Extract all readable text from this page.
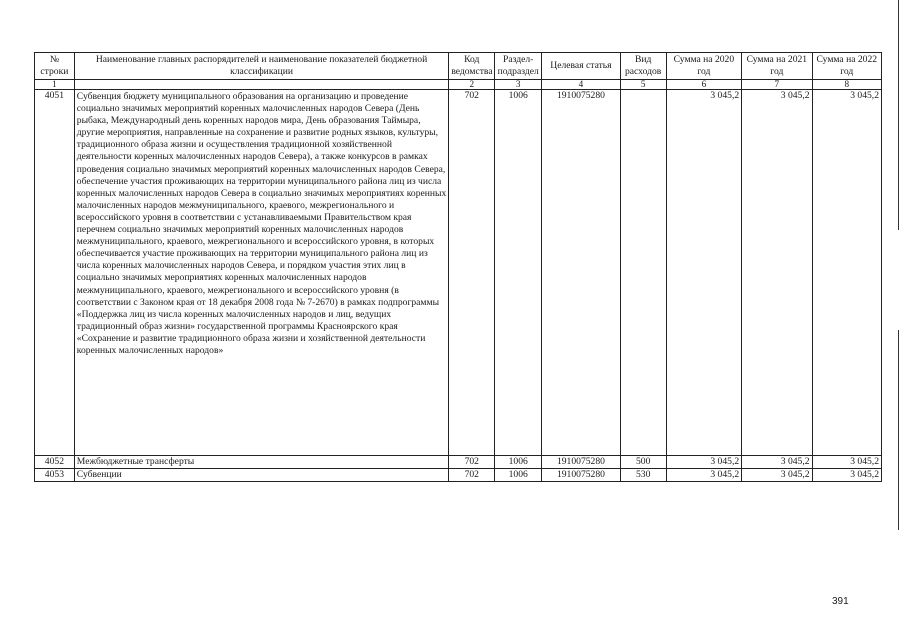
№ строки	Наименование главных распорядителей и наименование показателей бюджетной классификации	Код ведомства	Раздел-подраздел	Целевая статья	Вид расходов	Сумма на 2020 год	Сумма на 2021 год	Сумма на 2022 год
1		2	3	4	5	6	7	8
4051	Субвенция бюджету муниципального образования на организацию и проведение социально значимых мероприятий коренных малочисленных народов Севера (День рыбака, Международный день коренных народов мира, День образования Таймыра, другие мероприятия, направленные на сохранение и развитие родных языков, культуры, традиционного образа жизни и осуществления традиционной хозяйственной деятельности коренных малочисленных народов Севера), а также конкурсов в рамках проведения социально значимых мероприятий коренных малочисленных народов Севера, обеспечение участия проживающих на территории муниципального района лиц из числа коренных малочисленных народов Севера в социально значимых мероприятиях коренных малочисленных народов межмуниципального, краевого, межрегионального и всероссийского уровня в соответствии с устанавливаемыми Правительством края перечнем социально значимых мероприятий коренных малочисленных народов межмуниципального, краевого, межрегионального и всероссийского уровня, в которых обеспечивается участие проживающих на территории муниципального района лиц из числа коренных малочисленных народов Севера, и порядком участия этих лиц в социально значимых мероприятиях коренных малочисленных народов межмуниципального, краевого, межрегионального и всероссийского уровня (в соответствии с Законом края от 18 декабря 2008 года № 7-2670) в рамках подпрограммы «Поддержка лиц из числа коренных малочисленных народов и лиц, ведущих традиционный образ жизни» государственной программы Красноярского края «Сохранение и развитие традиционного образа жизни и хозяйственной деятельности коренных малочисленных народов»	702	1006	1910075280		3 045,2	3 045,2	3 045,2
4052	Межбюджетные трансферты	702	1006	1910075280	500	3 045,2	3 045,2	3 045,2
4053	Субвенции	702	1006	1910075280	530	3 045,2	3 045,2	3 045,2
391
